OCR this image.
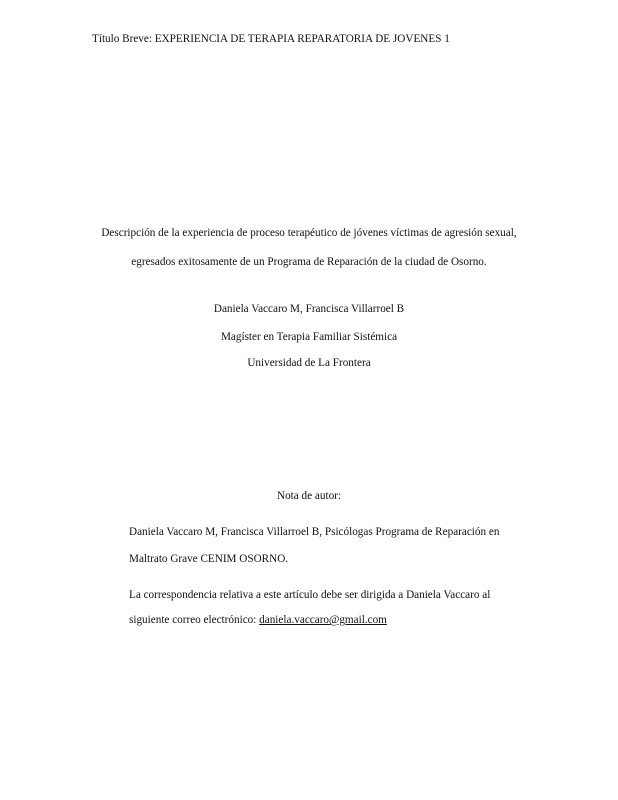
Título Breve: EXPERIENCIA DE TERAPIA REPARATORIA DE JOVENES 1
Descripción de la experiencia de proceso terapéutico de jóvenes víctimas de agresión sexual,
egresados exitosamente de un Programa de Reparación de la ciudad de Osorno.
Daniela Vaccaro M, Francisca Villarroel B
Magíster en Terapia Familiar Sistémica
Universidad de La Frontera
Nota de autor:
Daniela Vaccaro M, Francisca Villarroel B, Psicólogas Programa de Reparación en
Maltrato Grave CENIM OSORNO.
La correspondencia relativa a este artículo debe ser dirigida a Daniela Vaccaro al
siguiente correo electrónico: daniela.vaccaro@gmail.com
